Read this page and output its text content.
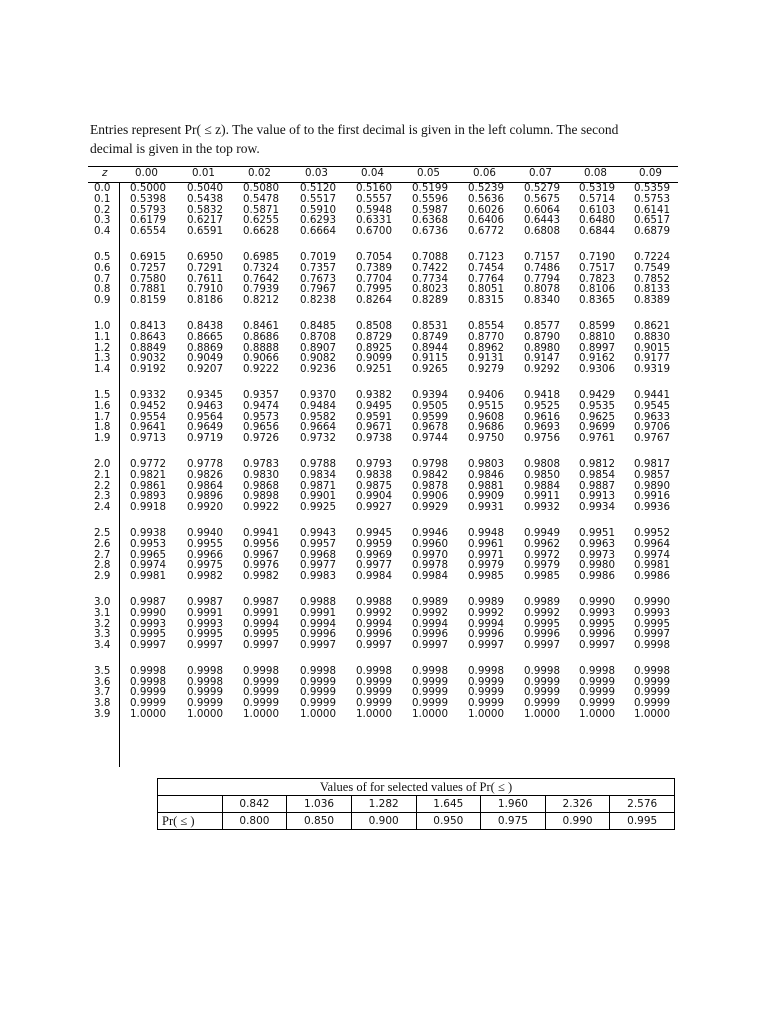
Entries represent Pr( ≤ z). The value of to the first decimal is given in the left column. The second

decimal is given in the top row.

z	0.00	0.01	0.02	0.03	0.04	0.05	0.06	0.07	0.08	0.09
0.0 0.5000 0.5040 0.5080 0.5120 0.5160 0.5199 0.5239 0.5279 0.5319 0.5359
0.1 0.5398 0.5438 0.5478 0.5517 0.5557 0.5596 0.5636 0.5675 0.5714 0.5753
0.2 0.5793 0.5832 0.5871 0.5910 0.5948 0.5987 0.6026 0.6064 0.6103 0.6141
0.3 0.6179 0.6217 0.6255 0.6293 0.6331 0.6368 0.6406 0.6443 0.6480 0.6517
0.4 0.6554 0.6591 0.6628 0.6664 0.6700 0.6736 0.6772 0.6808 0.6844 0.6879
0.5 0.6915 0.6950 0.6985 0.7019 0.7054 0.7088 0.7123 0.7157 0.7190 0.7224
0.6 0.7257 0.7291 0.7324 0.7357 0.7389 0.7422 0.7454 0.7486 0.7517 0.7549
0.7 0.7580 0.7611 0.7642 0.7673 0.7704 0.7734 0.7764 0.7794 0.7823 0.7852
0.8 0.7881 0.7910 0.7939 0.7967 0.7995 0.8023 0.8051 0.8078 0.8106 0.8133
0.9 0.8159 0.8186 0.8212 0.8238 0.8264 0.8289 0.8315 0.8340 0.8365 0.8389
1.0 0.8413 0.8438 0.8461 0.8485 0.8508 0.8531 0.8554 0.8577 0.8599 0.8621
1.1 0.8643 0.8665 0.8686 0.8708 0.8729 0.8749 0.8770 0.8790 0.8810 0.8830
1.2 0.8849 0.8869 0.8888 0.8907 0.8925 0.8944 0.8962 0.8980 0.8997 0.9015
1.3 0.9032 0.9049 0.9066 0.9082 0.9099 0.9115 0.9131 0.9147 0.9162 0.9177
1.4 0.9192 0.9207 0.9222 0.9236 0.9251 0.9265 0.9279 0.9292 0.9306 0.9319
1.5 0.9332 0.9345 0.9357 0.9370 0.9382 0.9394 0.9406 0.9418 0.9429 0.9441
1.6 0.9452 0.9463 0.9474 0.9484 0.9495 0.9505 0.9515 0.9525 0.9535 0.9545
1.7 0.9554 0.9564 0.9573 0.9582 0.9591 0.9599 0.9608 0.9616 0.9625 0.9633
1.8 0.9641 0.9649 0.9656 0.9664 0.9671 0.9678 0.9686 0.9693 0.9699 0.9706
1.9 0.9713 0.9719 0.9726 0.9732 0.9738 0.9744 0.9750 0.9756 0.9761 0.9767
2.0 0.9772 0.9778 0.9783 0.9788 0.9793 0.9798 0.9803 0.9808 0.9812 0.9817
2.1 0.9821 0.9826 0.9830 0.9834 0.9838 0.9842 0.9846 0.9850 0.9854 0.9857
2.2 0.9861 0.9864 0.9868 0.9871 0.9875 0.9878 0.9881 0.9884 0.9887 0.9890
2.3 0.9893 0.9896 0.9898 0.9901 0.9904 0.9906 0.9909 0.9911 0.9913 0.9916
2.4 0.9918 0.9920 0.9922 0.9925 0.9927 0.9929 0.9931 0.9932 0.9934 0.9936
2.5 0.9938 0.9940 0.9941 0.9943 0.9945 0.9946 0.9948 0.9949 0.9951 0.9952
2.6 0.9953 0.9955 0.9956 0.9957 0.9959 0.9960 0.9961 0.9962 0.9963 0.9964
2.7 0.9965 0.9966 0.9967 0.9968 0.9969 0.9970 0.9971 0.9972 0.9973 0.9974
2.8 0.9974 0.9975 0.9976 0.9977 0.9977 0.9978 0.9979 0.9979 0.9980 0.9981
2.9 0.9981 0.9982 0.9982 0.9983 0.9984 0.9984 0.9985 0.9985 0.9986 0.9986
3.0 0.9987 0.9987 0.9987 0.9988 0.9988 0.9989 0.9989 0.9989 0.9990 0.9990
3.1 0.9990 0.9991 0.9991 0.9991 0.9992 0.9992 0.9992 0.9992 0.9993 0.9993
3.2 0.9993 0.9993 0.9994 0.9994 0.9994 0.9994 0.9994 0.9995 0.9995 0.9995
3.3 0.9995 0.9995 0.9995 0.9996 0.9996 0.9996 0.9996 0.9996 0.9996 0.9997
3.4 0.9997 0.9997 0.9997 0.9997 0.9997 0.9997 0.9997 0.9997 0.9997 0.9998
3.5 0.9998 0.9998 0.9998 0.9998 0.9998 0.9998 0.9998 0.9998 0.9998 0.9998
3.6 0.9998 0.9998 0.9999 0.9999 0.9999 0.9999 0.9999 0.9999 0.9999 0.9999
3.7 0.9999 0.9999 0.9999 0.9999 0.9999 0.9999 0.9999 0.9999 0.9999 0.9999
3.8 0.9999 0.9999 0.9999 0.9999 0.9999 0.9999 0.9999 0.9999 0.9999 0.9999
3.9 1.0000 1.0000 1.0000 1.0000 1.0000 1.0000 1.0000 1.0000 1.0000 1.0000
Values of for selected values of Pr( ≤ )							
	0.842	1.036	1.282	1.645	1.960	2.326	2.576
Pr( ≤ )	0.800	0.850	0.900	0.950	0.975	0.990	0.995
